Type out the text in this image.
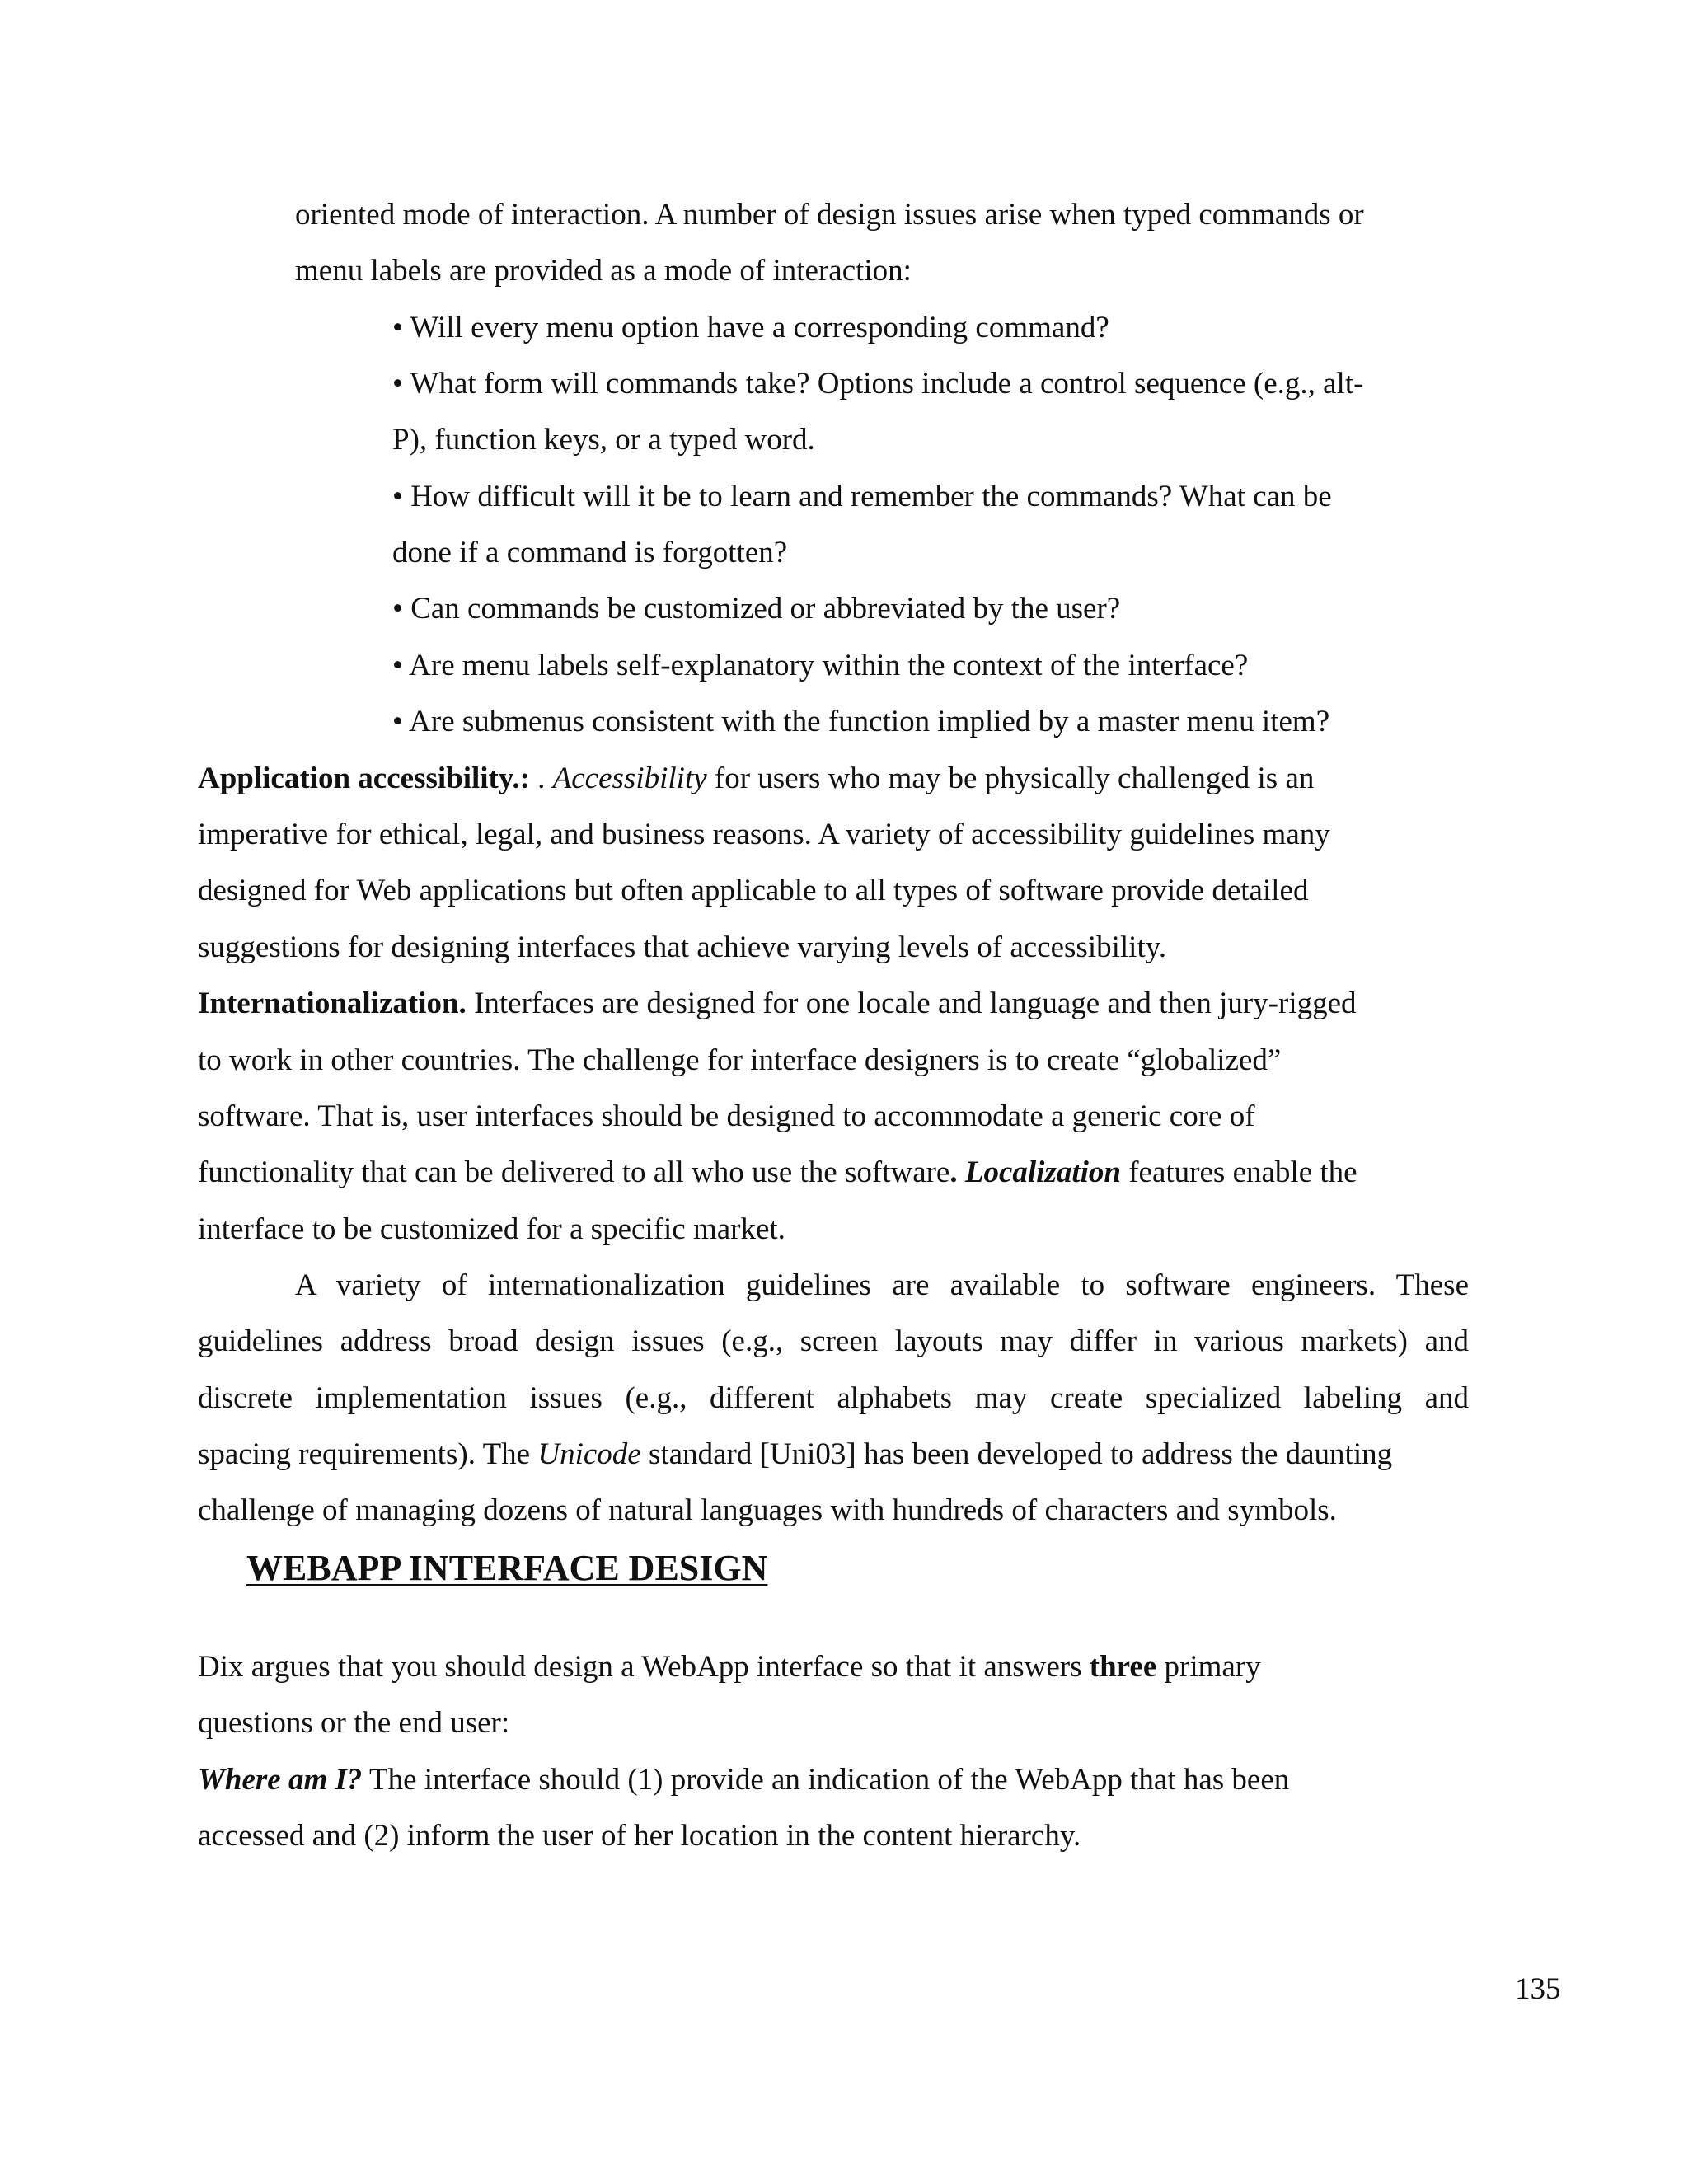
oriented mode of interaction. A number of design issues arise when typed commands or
menu labels are provided as a mode of interaction:
• Will every menu option have a corresponding command?
• What form will commands take? Options include a control sequence (e.g., alt-
P), function keys, or a typed word.
• How difficult will it be to learn and remember the commands? What can be
done if a command is forgotten?
• Can commands be customized or abbreviated by the user?
• Are menu labels self-explanatory within the context of the interface?
• Are submenus consistent with the function implied by a master menu item?
Application accessibility.: . Accessibility for users who may be physically challenged is an
imperative for ethical, legal, and business reasons. A variety of accessibility guidelines many
designed for Web applications but often applicable to all types of software provide detailed
suggestions for designing interfaces that achieve varying levels of accessibility.
Internationalization. Interfaces are designed for one locale and language and then jury-rigged
to work in other countries. The challenge for interface designers is to create “globalized”
software. That is, user interfaces should be designed to accommodate a generic core of
functionality that can be delivered to all who use the software. Localization features enable the
interface to be customized for a specific market.
A variety of internationalization guidelines are available to software engineers. These
guidelines address broad design issues (e.g., screen layouts may differ in various markets) and
discrete implementation issues (e.g., different alphabets may create specialized labeling and
spacing requirements). The Unicode standard [Uni03] has been developed to address the daunting
challenge of managing dozens of natural languages with hundreds of characters and symbols.
WEBAPP INTERFACE DESIGN
Dix argues that you should design a WebApp interface so that it answers three primary
questions or the end user:
Where am I? The interface should (1) provide an indication of the WebApp that has been
accessed and (2) inform the user of her location in the content hierarchy.
135
